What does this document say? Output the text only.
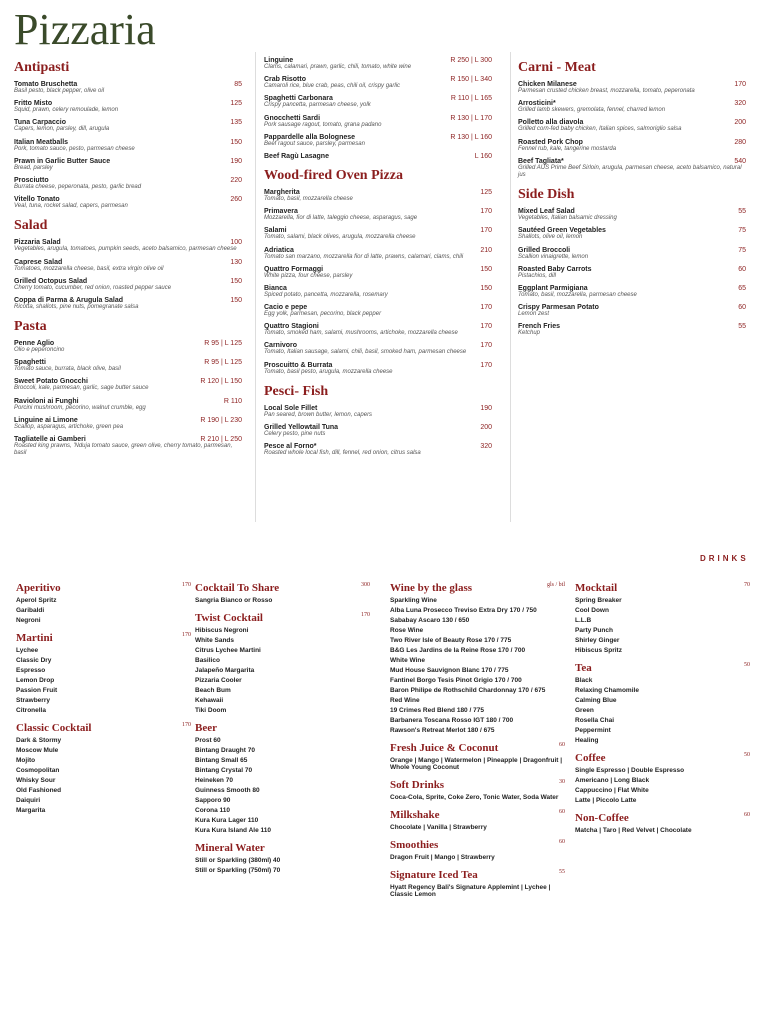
Pizzaria
Antipasti
Tomato Bruschetta	85
Basil pesto, black pepper, olive oil
Fritto Misto	125
Squid, prawn, celery remoulade, lemon
Tuna Carpaccio	135
Capers, lemon, parsley, dill, arugula
Italian Meatballs	150
Pork, tomato sauce, pesto, parmesan cheese
Prawn in Garlic Butter Sauce	190
Bread, parsley
Prosciutto	220
Burrata cheese, peperonata, pesto, garlic bread
Vitello Tonato	260
Veal, tuna, rocket salad, capers, parmesan
Salad
Pizzaria Salad	100
Vegetables, arugula, tomatoes, pumpkin seeds, aceto balsamico, parmesan cheese
Caprese Salad	130
Tomatoes, mozzarella cheese, basil, extra virgin olive oil
Grilled Octopus Salad	150
Cherry tomato, cucumber, red onion, roasted pepper sauce
Coppa di Parma & Arugula Salad	150
Ricotta, shallots, pine nuts, pomegranate salsa
Pasta
Penne Aglio	R 95 | L 125
Olio e peperoncino
Spaghetti	R 95 | L 125
Tomato sauce, burrata, black olive, basil
Sweet Potato Gnocchi	R 120 | L 150
Broccoli, kale, parmesan, garlic, sage butter sauce
Ravioloni ai Funghi	R 110
Porcini mushroom, pecorino, walnut crumble, egg
Linguine ai Limone	R 190 | L 230
Scallop, asparagus, artichoke, green pea
Tagliatelle ai Gamberi	R 210 | L 250
Roasted king prawns, 'Nduja tomato sauce, green olive, cherry tomato, parmesan, basil
Linguine	R 250 | L 300
Clams, calamari, prawn, garlic, chili, tomato, white wine
Crab Risotto	R 150 | L 340
Camaroli rice, blue crab, peas, chili oil, crispy garlic
Spaghetti Carbonara	R 110 | L 165
Crispy pancetta, parmesan cheese, yolk
Gnocchetti Sardi	R 130 | L 170
Pork sausage ragout, tomato, grana padano
Pappardelle alla Bolognese	R 130 | L 160
Beef ragout sauce, parsley, parmesan
Beef Ragù Lasagne	L 160
Wood-fired Oven Pizza
Margherita	125
Tomato, basil, mozzarella cheese
Primavera	170
Mozzarella, fior di latte, taleggio cheese, asparagus, sage
Salami	170
Tomato, salami, black olives, arugula, mozzarella cheese
Adriatica	210
Tomato san marzano, mozzarella fior di latte, prawns, calamari, clams, chili
Quattro Formaggi	150
White pizza, four cheese, parsley
Bianca	150
Spiced potato, pancetta, mozzarella, rosemary
Cacio e pepe	170
Egg yolk, parmesan, pecorino, black pepper
Quattro Stagioni	170
Tomato, smoked ham, salami, mushrooms, artichoke, mozzarella cheese
Carnivoro	170
Tomato, Italian sausage, salami, chili, basil, smoked ham, parmesan cheese
Proscuitto & Burrata	170
Tomato, basil pesto, arugula, mozzarella cheese
Pesci- Fish
Local Sole Fillet	190
Pan seared, brown butter, lemon, capers
Grilled Yellowtail Tuna	200
Celery pesto, pine nuts
Pesce al Forno*	320
Roasted whole local fish, dill, fennel, red onion, citrus salsa
Carni - Meat
Chicken Milanese	170
Parmesan crusted chicken breast, mozzarella, tomato, peperonata
Arrosticini*	320
Grilled lamb skewers, gremolata, fennel, charred lemon
Polletto alla diavola	200
Grilled corn-fed baby chicken, Italian spices, salmoriglio salsa
Roasted Pork Chop	280
Fennel rub, kale, tangerine mostarda
Beef Tagliata*	540
Grilled AUS Prime Beef Sirloin, arugula, parmesan cheese, aceto balsamico, natural jus
Side Dish
Mixed Leaf Salad	55
Vegetables, Italian balsamic dressing
Sautéed Green Vegetables	75
Shallots, olive oil, lemon
Grilled Broccoli	75
Scallion vinaigrette, lemon
Roasted Baby Carrots	60
Pistachios, dill
Eggplant Parmigiana	65
Tomato, basil, mozzarella, parmesan cheese
Crispy Parmesan Potato	60
Lemon zest
French Fries	55
Ketchup
DRINKS
Aperitivo	170
Aperol Spritz
Garibaldi
Negroni
Martini	170
Lychee
Classic Dry
Espresso
Lemon Drop
Passion Fruit
Strawberry
Citronella
Classic Cocktail	170
Dark & Stormy
Moscow Mule
Mojito
Cosmopolitan
Whisky Sour
Old Fashioned
Daiquiri
Margarita
Cocktail To Share	300
Sangria Bianco or Rosso
Twist Cocktail	170
Hibiscus Negroni
White Sands
Citrus Lychee Martini
Basilico
Jalapeño Margarita
Pizzaria Cooler
Beach Bum
Kehawaii
Tiki Doom
Beer
Prost 60
Bintang Draught 70
Bintang Small 65
Bintang Crystal 70
Heineken 70
Guinness Smooth 80
Sapporo 90
Corona 110
Kura Kura Lager 110
Kura Kura Island Ale 110
Mineral Water
Still or Sparkling (380ml) 40
Still or Sparkling (750ml) 70
Wine by the glass	gls / btl
Sparkling Wine
Alba Luna Prosecco Treviso Extra Dry 170 / 750
Sababay Ascaro 130 / 650
Rose Wine
Two River Isle of Beauty Rose 170 / 775
B&G Les Jardins de la Reine Rose 170 / 700
White Wine
Mud House Sauvignon Blanc 170 / 775
Fantinel Borgo Tesis Pinot Grigio 170 / 700
Baron Philipe de Rothschild Chardonnay 170 / 675
Red Wine
19 Crimes Red Blend 180 / 775
Barbanera Toscana Rosso IGT 180 / 700
Rawson's Retreat Merlot 180 / 675
Fresh Juice & Coconut	60
Orange | Mango | Watermelon | Pineapple | Dragonfruit | Whole Young Coconut
Soft Drinks	30
Coca-Cola, Sprite, Coke Zero, Tonic Water, Soda Water
Milkshake	60
Chocolate | Vanilla | Strawberry
Smoothies	60
Dragon Fruit | Mango | Strawberry
Signature Iced Tea	55
Hyatt Regency Bali's Signature Applemint | Lychee | Classic Lemon
Mocktail	70
Spring Breaker
Cool Down
L.L.B
Party Punch
Shirley Ginger
Hibiscus Spritz
Tea	50
Black
Relaxing Chamomile
Calming Blue
Green
Rosella Chai
Peppermint
Healing
Coffee	50
Single Espresso | Double Espresso
Americano | Long Black
Cappuccino | Flat White
Latte | Piccolo Latte
Non-Coffee	60
Matcha | Taro | Red Velvet | Chocolate
